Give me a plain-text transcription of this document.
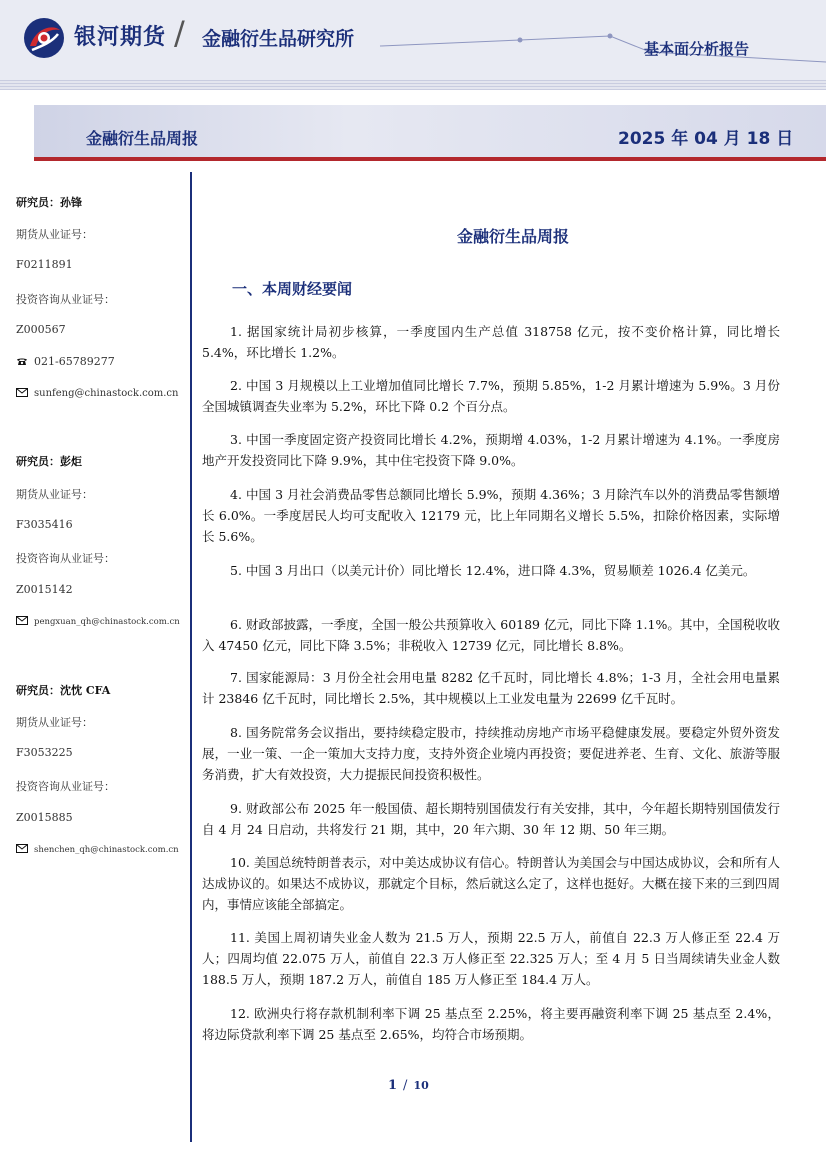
银河期货 / 金融衍生品研究所	基本面分析报告
金融衍生品周报	2025 年 04 月 18 日
研究员：孙锋
期货从业证号：
F0211891
投资咨询从业证号：
Z000567
021-65789277
sunfeng@chinastock.com.cn
研究员：彭炬
期货从业证号：
F3035416
投资咨询从业证号：
Z0015142
pengxuan_qh@chinastock.com.cn
研究员：沈忱 CFA
期货从业证号：
F3053225
投资咨询从业证号：
Z0015885
shenchen_qh@chinastock.com.cn
金融衍生品周报
一、本周财经要闻
1. 据国家统计局初步核算，一季度国内生产总值 318758 亿元，按不变价格计算，同比增长 5.4%，环比增长 1.2%。
2. 中国 3 月规模以上工业增加值同比增长 7.7%，预期 5.85%，1-2 月累计增速为 5.9%。3 月份全国城镇调查失业率为 5.2%，环比下降 0.2 个百分点。
3. 中国一季度固定资产投资同比增长 4.2%，预期增 4.03%，1-2 月累计增速为 4.1%。一季度房地产开发投资同比下降 9.9%，其中住宅投资下降 9.0%。
4. 中国 3 月社会消费品零售总额同比增长 5.9%，预期 4.36%；3 月除汽车以外的消费品零售额增长 6.0%。一季度居民人均可支配收入 12179 元，比上年同期名义增长 5.5%，扣除价格因素，实际增长 5.6%。
5. 中国 3 月出口（以美元计价）同比增长 12.4%，进口降 4.3%，贸易顺差 1026.4 亿美元。
6. 财政部披露，一季度，全国一般公共预算收入 60189 亿元，同比下降 1.1%。其中，全国税收收入 47450 亿元，同比下降 3.5%；非税收入 12739 亿元，同比增长 8.8%。
7. 国家能源局：3 月份全社会用电量 8282 亿千瓦时，同比增长 4.8%；1-3 月，全社会用电量累计 23846 亿千瓦时，同比增长 2.5%，其中规模以上工业发电量为 22699 亿千瓦时。
8. 国务院常务会议指出，要持续稳定股市，持续推动房地产市场平稳健康发展。要稳定外贸外资发展，一业一策、一企一策加大支持力度，支持外资企业境内再投资；要促进养老、生育、文化、旅游等服务消费，扩大有效投资，大力提振民间投资积极性。
9. 财政部公布 2025 年一般国债、超长期特别国债发行有关安排，其中，今年超长期特别国债发行自 4 月 24 日启动，共将发行 21 期，其中，20 年六期、30 年 12 期、50 年三期。
10. 美国总统特朗普表示，对中美达成协议有信心。特朗普认为美国会与中国达成协议，会和所有人达成协议的。如果达不成协议，那就定个目标，然后就这么定了，这样也挺好。大概在接下来的三到四周内，事情应该能全部搞定。
11. 美国上周初请失业金人数为 21.5 万人，预期 22.5 万人，前值自 22.3 万人修正至 22.4 万人；四周均值 22.075 万人，前值自 22.3 万人修正至 22.325 万人；至 4 月 5 日当周续请失业金人数 188.5 万人，预期 187.2 万人，前值自 185 万人修正至 184.4 万人。
12. 欧洲央行将存款机制利率下调 25 基点至 2.25%，将主要再融资利率下调 25 基点至 2.4%，将边际贷款利率下调 25 基点至 2.65%，均符合市场预期。
1 / 10
